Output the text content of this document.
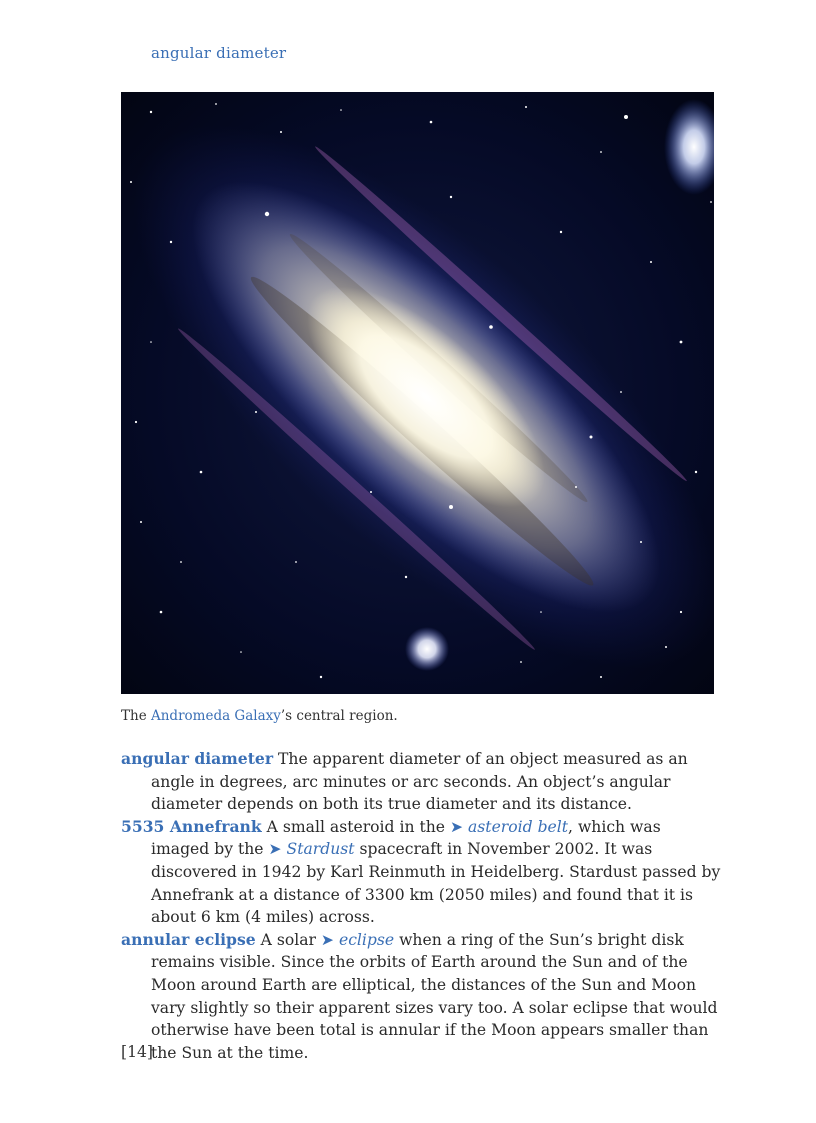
angular diameter
The Andromeda Galaxy’s central region.

angular diameter The apparent diameter of an object measured as an angle in degrees, arc minutes or arc seconds. An object’s angular diameter depends on both its true diameter and its distance.

5535 Annefrank A small asteroid in the ➤ asteroid belt, which was imaged by the ➤ Stardust spacecraft in November 2002. It was discovered in 1942 by Karl Reinmuth in Heidelberg. Stardust passed by Annefrank at a distance of 3300 km (2050 miles) and found that it is about 6 km (4 miles) across.

annular eclipse A solar ➤ eclipse when a ring of the Sun’s bright disk remains visible. Since the orbits of Earth around the Sun and of the Moon around Earth are elliptical, the distances of the Sun and Moon vary slightly so their apparent sizes vary too. A solar eclipse that would otherwise have been total is annular if the Moon appears smaller than the Sun at the time.

[14]
